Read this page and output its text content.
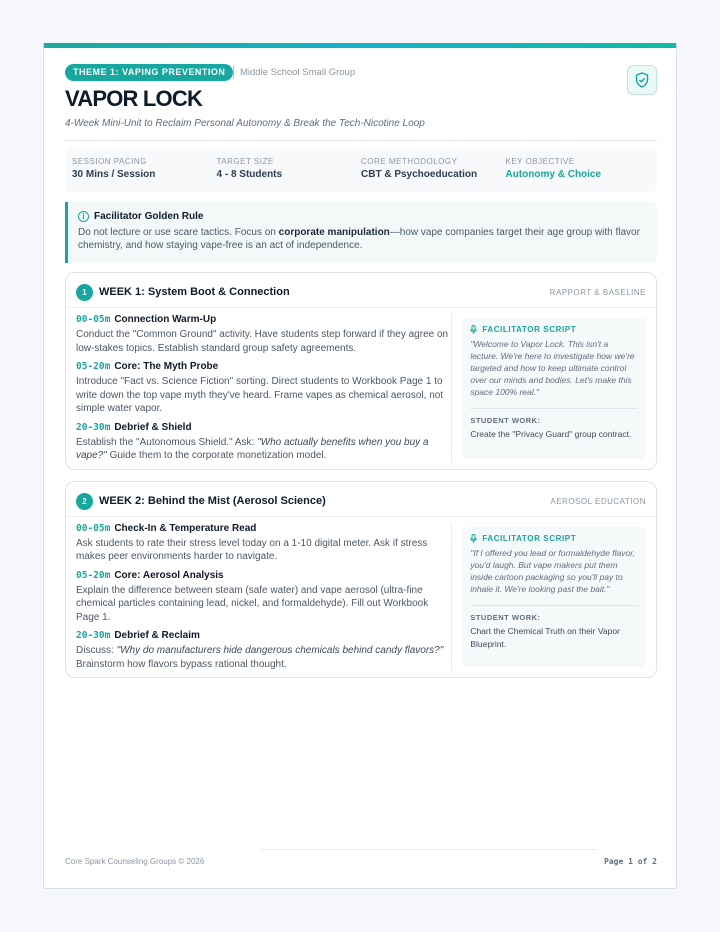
THEME 1: VAPING PREVENTION	Middle School Small Group
VAPOR LOCK
4-Week Mini-Unit to Reclaim Personal Autonomy & Break the Tech-Nicotine Loop
SESSION PACING
30 Mins / Session
TARGET SIZE
4 - 8 Students
CORE METHODOLOGY
CBT & Psychoeducation
KEY OBJECTIVE
Autonomy & Choice
i Facilitator Golden Rule
Do not lecture or use scare tactics. Focus on corporate manipulation—how vape companies target their age group with flavor chemistry, and how staying vape-free is an act of independence.
1	WEEK 1: System Boot & Connection	RAPPORT & BASELINE
00-05m Connection Warm-Up
Conduct the "Common Ground" activity. Have students step forward if they agree on low-stakes topics. Establish standard group safety agreements.
05-20m Core: The Myth Probe
Introduce "Fact vs. Science Fiction" sorting. Direct students to Workbook Page 1 to write down the top vape myth they've heard. Frame vapes as chemical aerosol, not simple water vapor.
20-30m Debrief & Shield
Establish the "Autonomous Shield." Ask: "Who actually benefits when you buy a vape?" Guide them to the corporate monetization model.
FACILITATOR SCRIPT
"Welcome to Vapor Lock. This isn't a lecture. We're here to investigate how we're targeted and how to keep ultimate control over our minds and bodies. Let's make this space 100% real."
STUDENT WORK:
Create the "Privacy Guard" group contract.
2	WEEK 2: Behind the Mist (Aerosol Science)	AEROSOL EDUCATION
00-05m Check-In & Temperature Read
Ask students to rate their stress level today on a 1-10 digital meter. Ask if stress makes peer environments harder to navigate.
05-20m Core: Aerosol Analysis
Explain the difference between steam (safe water) and vape aerosol (ultra-fine chemical particles containing lead, nickel, and formaldehyde). Fill out Workbook Page 1.
20-30m Debrief & Reclaim
Discuss: "Why do manufacturers hide dangerous chemicals behind candy flavors?" Brainstorm how flavors bypass rational thought.
FACILITATOR SCRIPT
"If I offered you lead or formaldehyde flavor, you'd laugh. But vape makers put them inside cartoon packaging so you'll pay to inhale it. We're looking past the bait."
STUDENT WORK:
Chart the Chemical Truth on their Vapor Blueprint.
Core Spark Counseling Groups © 2026	Page 1 of 2
